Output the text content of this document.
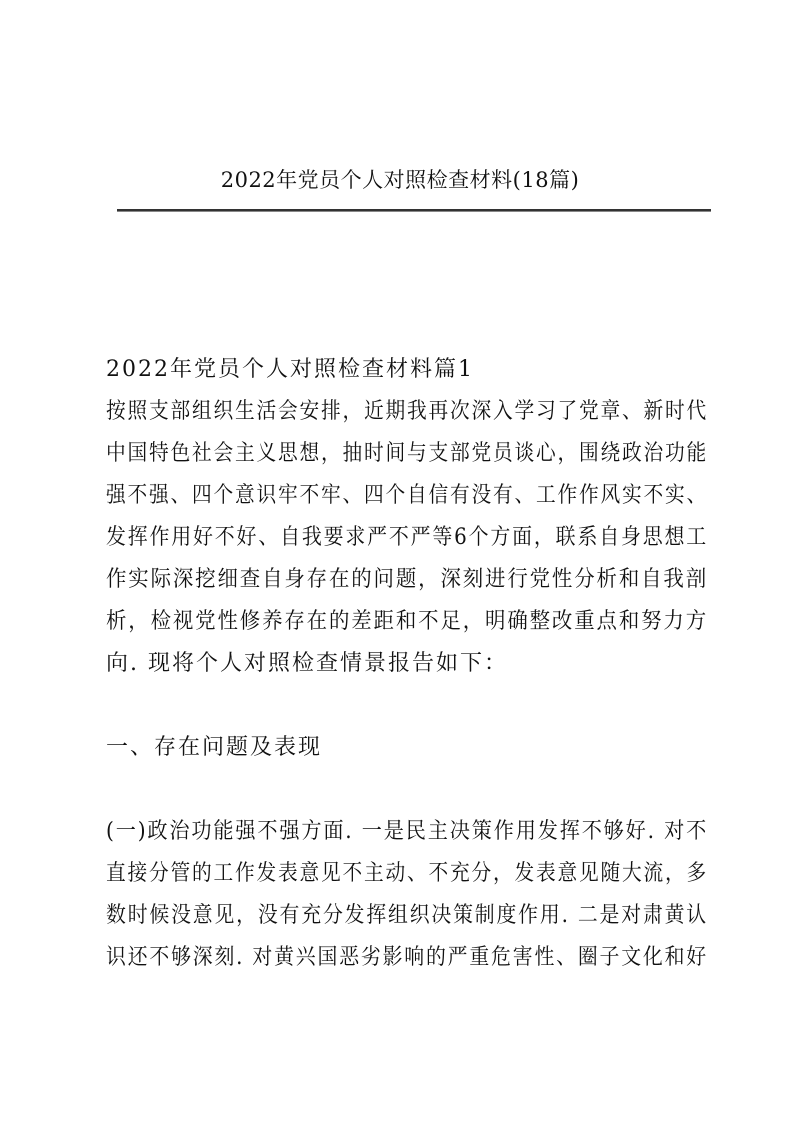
2022年党员个人对照检查材料(18篇)
2022年党员个人对照检查材料篇1
按照支部组织生活会安排，近期我再次深入学习了党章、新时代
中国特色社会主义思想，抽时间与支部党员谈心，围绕政治功能
强不强、四个意识牢不牢、四个自信有没有、工作作风实不实、
发挥作用好不好、自我要求严不严等6个方面，联系自身思想工
作实际深挖细查自身存在的问题，深刻进行党性分析和自我剖
析，检视党性修养存在的差距和不足，明确整改重点和努力方
向. 现将个人对照检查情景报告如下：
一、存在问题及表现
(一)政治功能强不强方面. 一是民主决策作用发挥不够好. 对不
直接分管的工作发表意见不主动、不充分，发表意见随大流，多
数时候没意见，没有充分发挥组织决策制度作用. 二是对肃黄认
识还不够深刻. 对黄兴国恶劣影响的严重危害性、圈子文化和好
